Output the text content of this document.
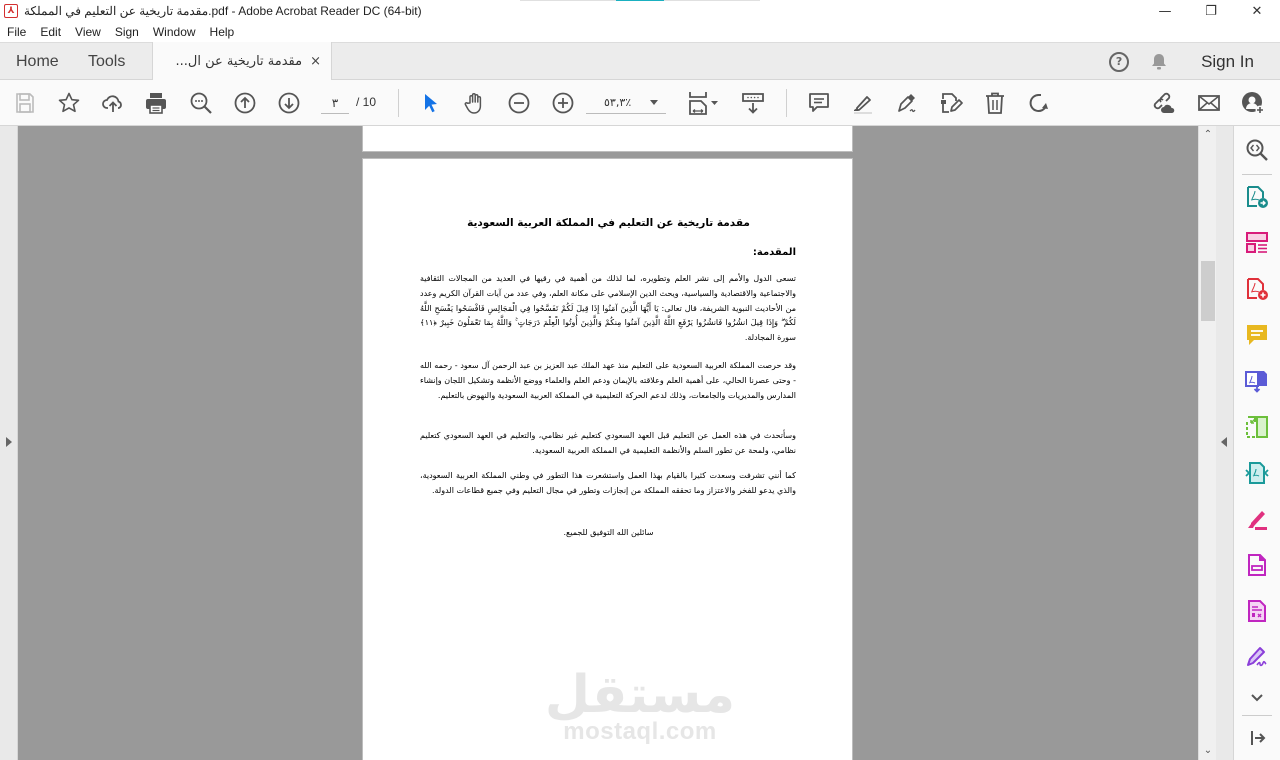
⅄ مقدمة تاريخية عن التعليم في المملكة.pdf - Adobe Acrobat Reader DC (64-bit)	—	❐	✕
File	Edit	View	Sign	Window	Help
Home Tools	مقدمة تاريخية عن ال... ×	?	Sign In
٣
/ 10	٥٣,٣٪
مقدمة تاريخية عن التعليم في المملكة العربية السعودية
المقدمة:
تسعى الدول والأمم إلى نشر العلم وتطويره، لما لذلك من أهمية في رقيها في العديد من المجالات الثقافية والاجتماعية والاقتصادية والسياسية، ويحث الدين الإسلامي على مكانة العلم، وفي عدد من آيات القرآن الكريم وعدد من الأحاديث النبوية الشريفة، قال تعالى: يَا أَيُّهَا الَّذِينَ آمَنُوا إِذَا قِيلَ لَكُمْ تَفَسَّحُوا فِي الْمَجَالِسِ فَافْسَحُوا يَفْسَحِ اللَّهُ لَكُمْ ۖ وَإِذَا قِيلَ انشُزُوا فَانشُزُوا يَرْفَعِ اللَّهُ الَّذِينَ آمَنُوا مِنكُمْ وَالَّذِينَ أُوتُوا الْعِلْمَ دَرَجَاتٍ ۚ وَاللَّهُ بِمَا تَعْمَلُونَ خَبِيرٌ ﴿١١﴾ سورة المجادلة.
وقد حرصت المملكة العربية السعودية على التعليم منذ عهد الملك عبد العزيز بن عبد الرحمن آل سعود - رحمه الله - وحتى عصرنا الحالي، على أهمية العلم وعلاقته بالإيمان ودعم العلم والعلماء ووضع الأنظمة وتشكيل اللجان وإنشاء المدارس والمديريات والجامعات، وذلك لدعم الحركة التعليمية في المملكة العربية السعودية والنهوض بالتعليم.
وسأتحدث في هذه العمل عن التعليم قبل العهد السعودي كتعليم غير نظامي، والتعليم في العهد السعودي كتعليم نظامي، ولمحة عن تطور السلم والأنظمة التعليمية في المملكة العربية السعودية.
كما أنني تشرفت وسعدت كثيرا بالقيام بهذا العمل واستشعرت هذا التطور في وطني المملكة العربية السعودية، والذي يدعو للفخر والاعتزاز وما تحققه المملكة من إنجازات وتطور في مجال التعليم وفي جميع قطاعات الدولة.
سائلين الله التوفيق للجميع.
مستقل
mostaql.com
⌃
⌄
